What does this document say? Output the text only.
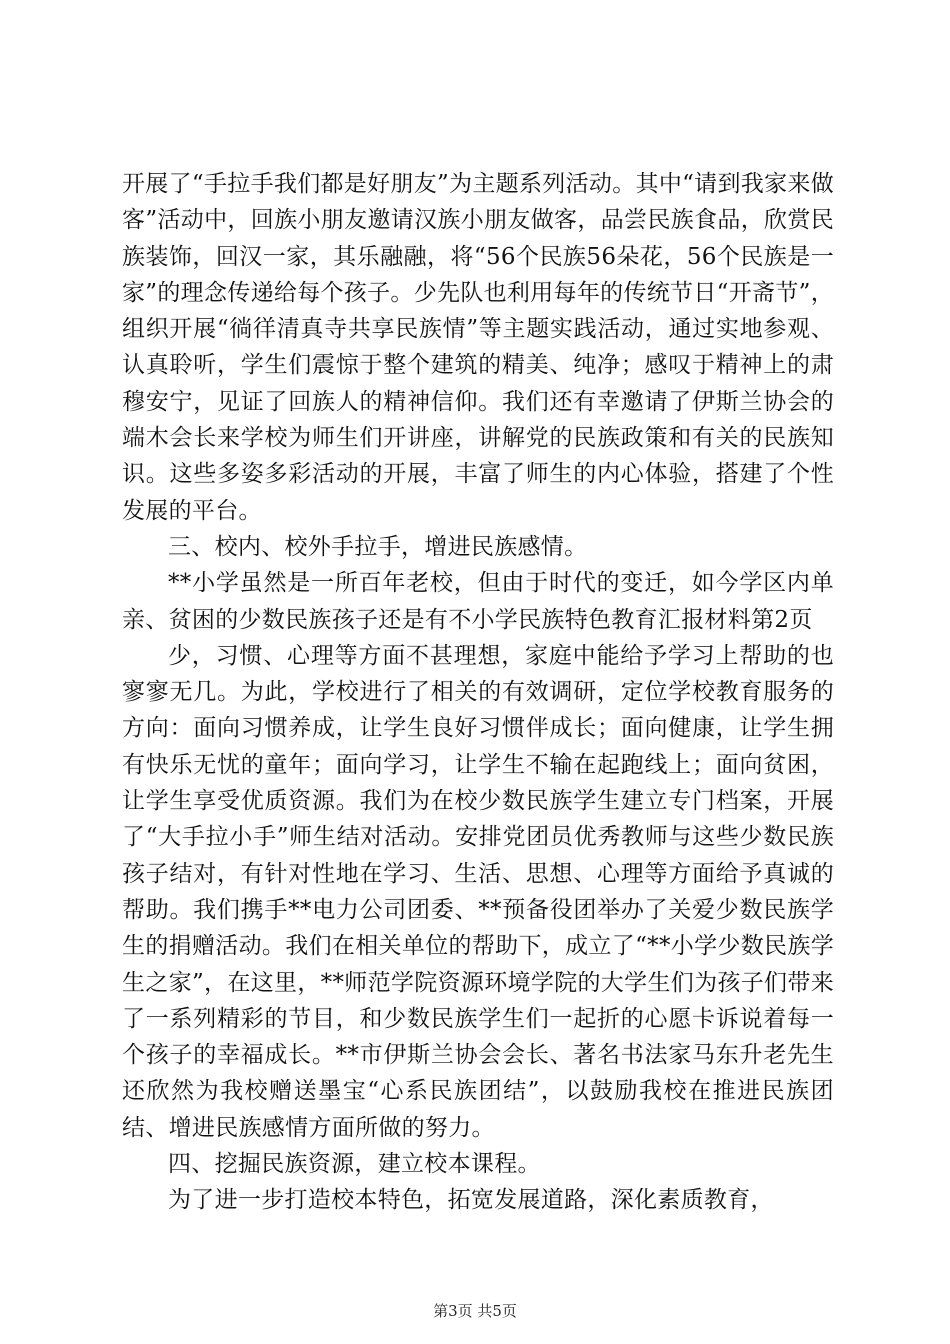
开展了“手拉手我们都是好朋友”为主题系列活动。其中“请到我家来做客”活动中，回族小朋友邀请汉族小朋友做客，品尝民族食品，欣赏民族装饰，回汉一家，其乐融融，将“56个民族56朵花，56个民族是一家”的理念传递给每个孩子。少先队也利用每年的传统节日“开斋节”，组织开展“徜徉清真寺共享民族情”等主题实践活动，通过实地参观、认真聆听，学生们震惊于整个建筑的精美、纯净；感叹于精神上的肃穆安宁，见证了回族人的精神信仰。我们还有幸邀请了伊斯兰协会的端木会长来学校为师生们开讲座，讲解党的民族政策和有关的民族知识。这些多姿多彩活动的开展，丰富了师生的内心体验，搭建了个性发展的平台。

三、校内、校外手拉手，增进民族感情。

**小学虽然是一所百年老校，但由于时代的变迁，如今学区内单亲、贫困的少数民族孩子还是有不小学民族特色教育汇报材料第2页

少，习惯、心理等方面不甚理想，家庭中能给予学习上帮助的也寥寥无几。为此，学校进行了相关的有效调研，定位学校教育服务的方向：面向习惯养成，让学生良好习惯伴成长；面向健康，让学生拥有快乐无忧的童年；面向学习，让学生不输在起跑线上；面向贫困，让学生享受优质资源。我们为在校少数民族学生建立专门档案，开展了“大手拉小手”师生结对活动。安排党团员优秀教师与这些少数民族孩子结对，有针对性地在学习、生活、思想、心理等方面给予真诚的帮助。我们携手**电力公司团委、**预备役团举办了关爱少数民族学生的捐赠活动。我们在相关单位的帮助下，成立了“**小学少数民族学生之家”，在这里，**师范学院资源环境学院的大学生们为孩子们带来了一系列精彩的节目，和少数民族学生们一起折的心愿卡诉说着每一个孩子的幸福成长。**市伊斯兰协会会长、著名书法家马东升老先生还欣然为我校赠送墨宝“心系民族团结”，以鼓励我校在推进民族团结、增进民族感情方面所做的努力。

四、挖掘民族资源，建立校本课程。

为了进一步打造校本特色，拓宽发展道路，深化素质教育，

第3页 共5页
